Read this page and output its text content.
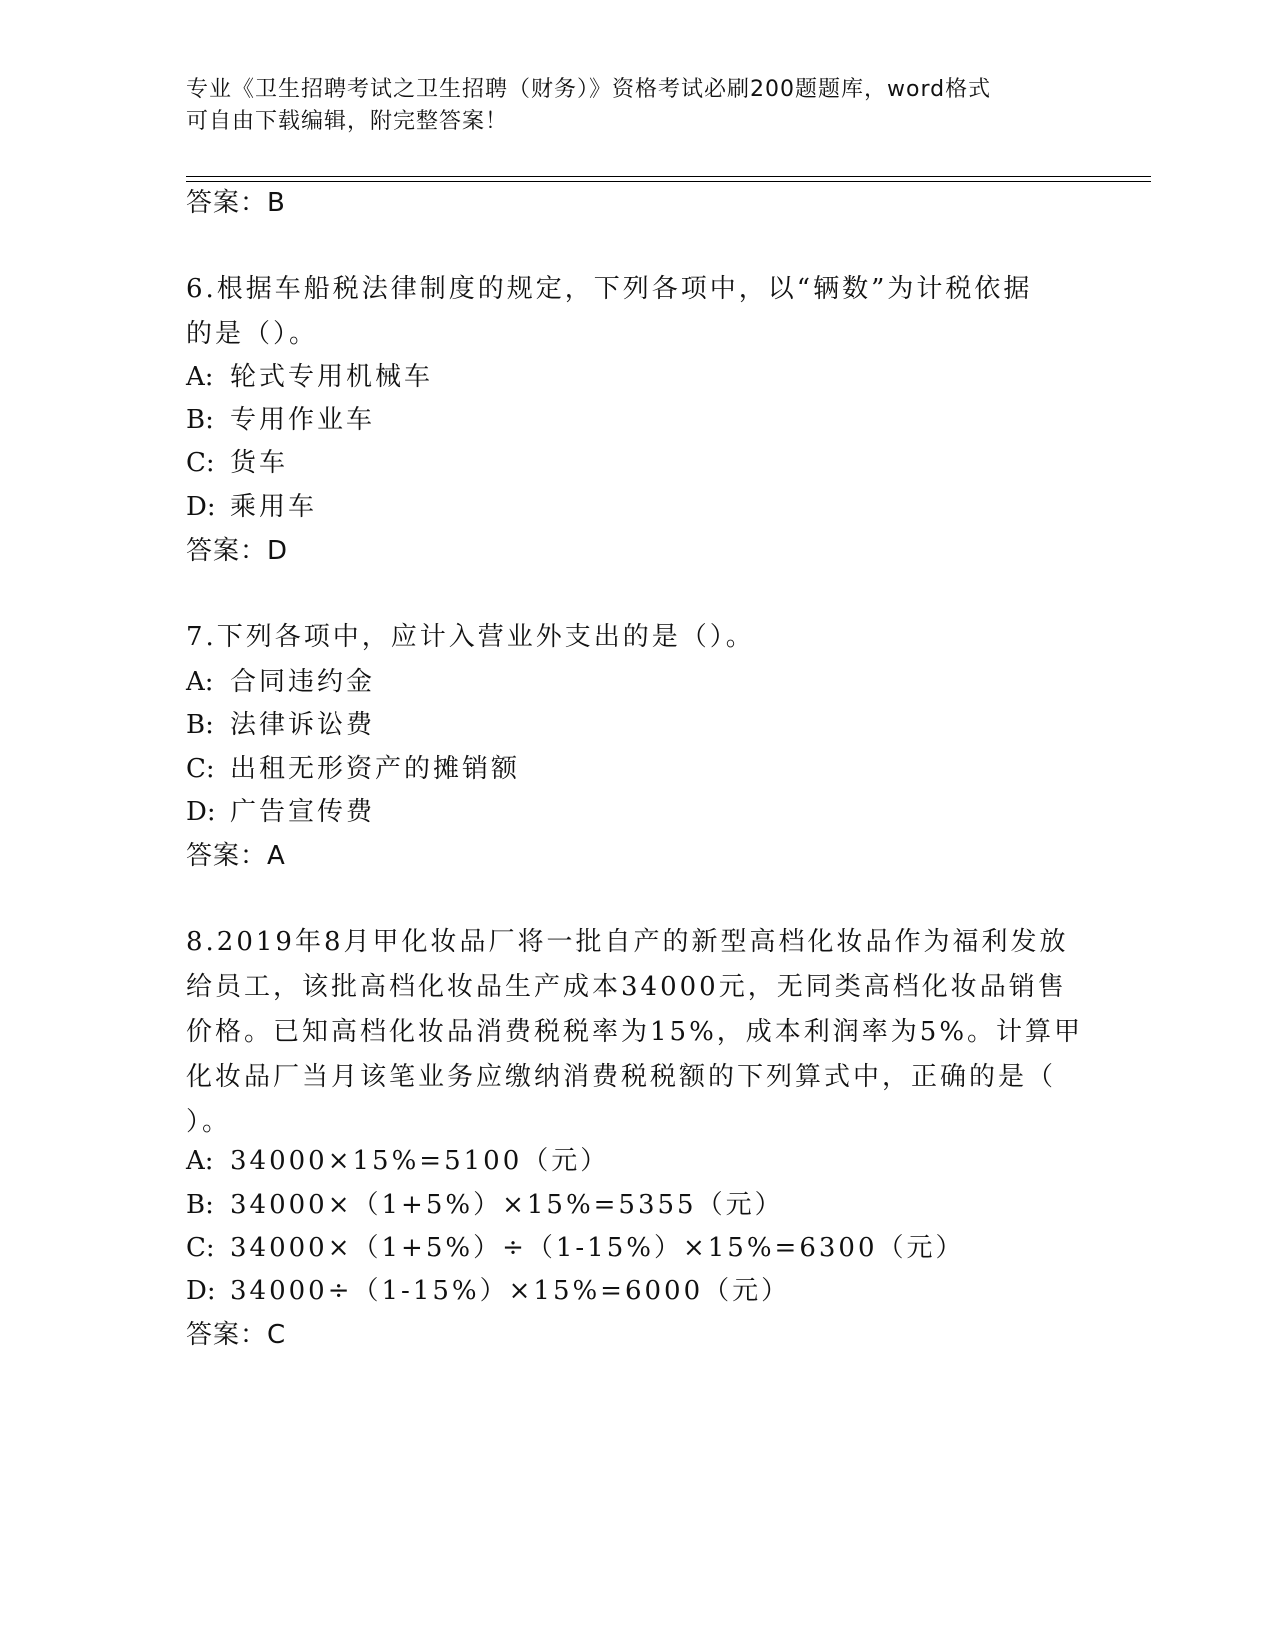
专业《卫生招聘考试之卫生招聘（财务）》资格考试必刷200题题库，word格式
可自由下载编辑，附完整答案！
答案：B
6.根据车船税法律制度的规定，下列各项中，以“辆数”为计税依据
的是（）。
A: 轮式专用机械车
B: 专用作业车
C: 货车
D: 乘用车
答案：D
7.下列各项中，应计入营业外支出的是（）。
A: 合同违约金
B: 法律诉讼费
C: 出租无形资产的摊销额
D: 广告宣传费
答案：A
8.2019年8月甲化妆品厂将一批自产的新型高档化妆品作为福利发放
给员工，该批高档化妆品生产成本34000元，无同类高档化妆品销售
价格。已知高档化妆品消费税税率为15%，成本利润率为5%。计算甲
化妆品厂当月该笔业务应缴纳消费税税额的下列算式中，正确的是（
）。
A: 34000×15%=5100（元）
B: 34000×（1+5%）×15%=5355（元）
C: 34000×（1+5%）÷（1-15%）×15%=6300（元）
D: 34000÷（1-15%）×15%=6000（元）
答案：C
